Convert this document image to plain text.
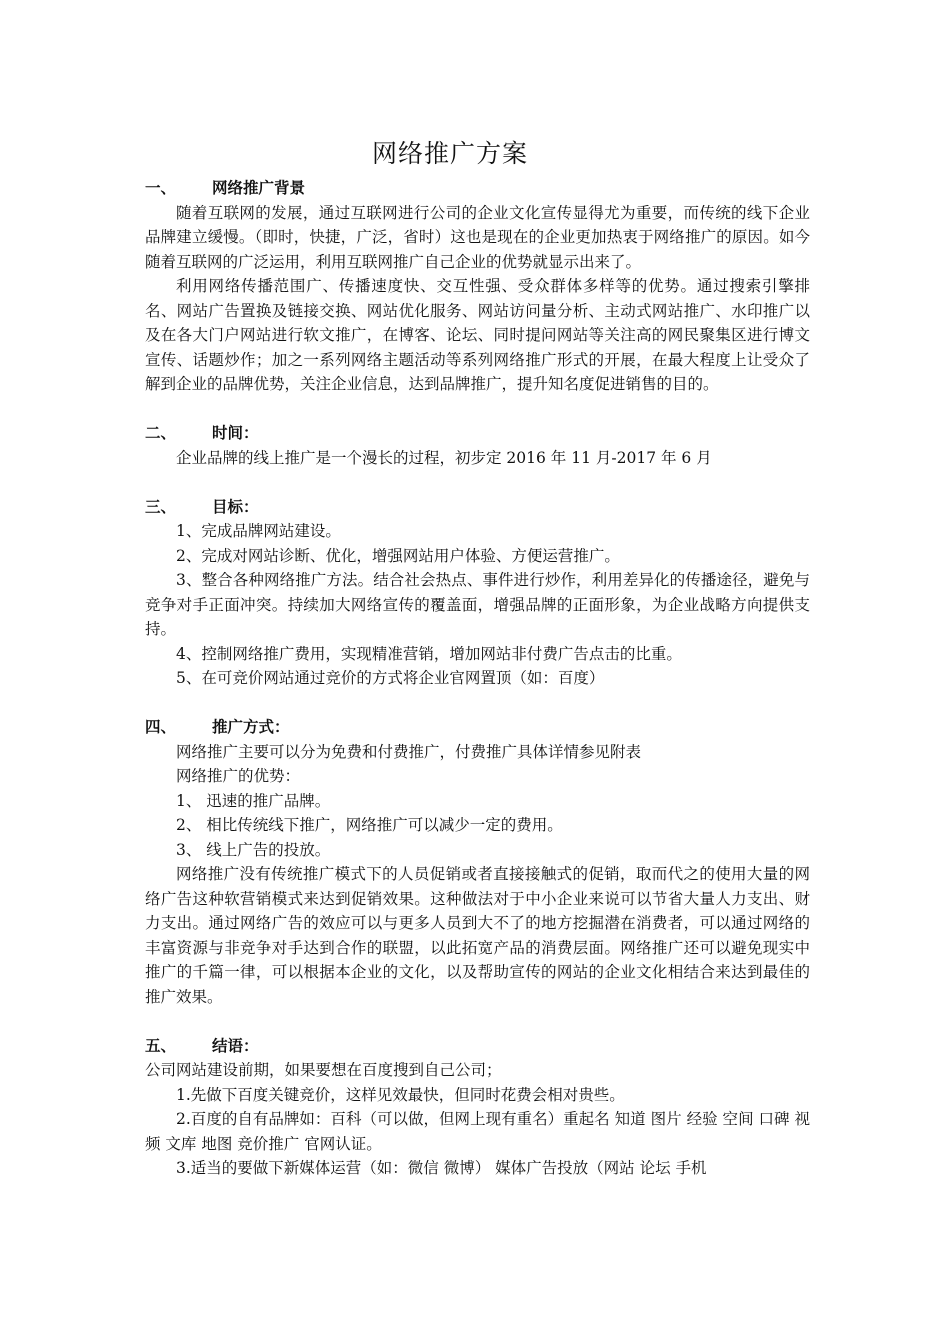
网络推广方案
一、	网络推广背景

随着互联网的发展，通过互联网进行公司的企业文化宣传显得尤为重要，而传统的线下企业品牌建立缓慢。（即时，快捷，广泛，省时）这也是现在的企业更加热衷于网络推广的原因。如今随着互联网的广泛运用，利用互联网推广自己企业的优势就显示出来了。

利用网络传播范围广、传播速度快、交互性强、受众群体多样等的优势。通过搜索引擎排名、网站广告置换及链接交换、网站优化服务、网站访问量分析、主动式网站推广、水印推广以及在各大门户网站进行软文推广，在博客、论坛、同时提问网站等关注高的网民聚集区进行博文宣传、话题炒作；加之一系列网络主题活动等系列网络推广形式的开展，在最大程度上让受众了解到企业的品牌优势，关注企业信息，达到品牌推广，提升知名度促进销售的目的。

二、	时间：

企业品牌的线上推广是一个漫长的过程，初步定 2016 年 11 月-2017 年 6 月

三、	目标：

1、完成品牌网站建设。

2、完成对网站诊断、优化，增强网站用户体验、方便运营推广。

3、整合各种网络推广方法。结合社会热点、事件进行炒作，利用差异化的传播途径，避免与竞争对手正面冲突。持续加大网络宣传的覆盖面，增强品牌的正面形象，为企业战略方向提供支持。

4、控制网络推广费用，实现精准营销，增加网站非付费广告点击的比重。

5、在可竞价网站通过竞价的方式将企业官网置顶（如：百度）

四、	推广方式：

网络推广主要可以分为免费和付费推广，付费推广具体详情参见附表

网络推广的优势：

1、 迅速的推广品牌。

2、 相比传统线下推广，网络推广可以减少一定的费用。

3、 线上广告的投放。

网络推广没有传统推广模式下的人员促销或者直接接触式的促销，取而代之的使用大量的网络广告这种软营销模式来达到促销效果。这种做法对于中小企业来说可以节省大量人力支出、财力支出。通过网络广告的效应可以与更多人员到大不了的地方挖掘潜在消费者，可以通过网络的丰富资源与非竞争对手达到合作的联盟，以此拓宽产品的消费层面。网络推广还可以避免现实中推广的千篇一律，可以根据本企业的文化，以及帮助宣传的网站的企业文化相结合来达到最佳的推广效果。

五、	结语：

公司网站建设前期，如果要想在百度搜到自己公司；

1.先做下百度关键竞价，这样见效最快，但同时花费会相对贵些。

2.百度的自有品牌如：百科（可以做，但网上现有重名）重起名 知道 图片 经验 空间 口碑 视频 文库 地图 竞价推广 官网认证。

3.适当的要做下新媒体运营（如：微信 微博） 媒体广告投放（网站 论坛 手机
